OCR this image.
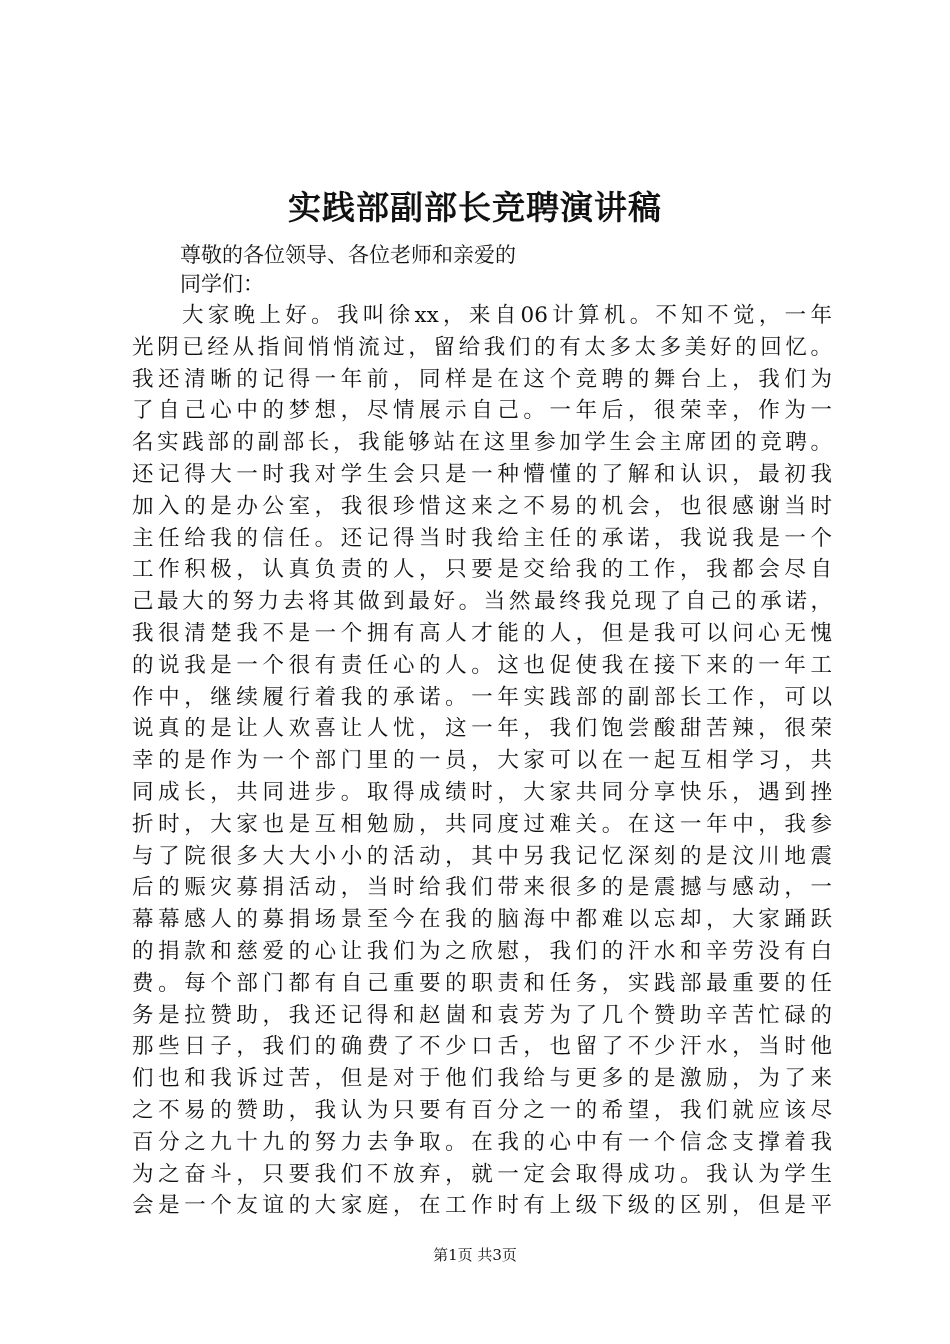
实践部副部长竞聘演讲稿
尊敬的各位领导、各位老师和亲爱的
同学们：
大家晚上好。我叫徐xx，来自06计算机。不知不觉，一年
光阴已经从指间悄悄流过，留给我们的有太多太多美好的回忆。
我还清晰的记得一年前，同样是在这个竞聘的舞台上，我们为
了自己心中的梦想，尽情展示自己。一年后，很荣幸，作为一
名实践部的副部长，我能够站在这里参加学生会主席团的竞聘。
还记得大一时我对学生会只是一种懵懂的了解和认识，最初我
加入的是办公室，我很珍惜这来之不易的机会，也很感谢当时
主任给我的信任。还记得当时我给主任的承诺，我说我是一个
工作积极，认真负责的人，只要是交给我的工作，我都会尽自
己最大的努力去将其做到最好。当然最终我兑现了自己的承诺，
我很清楚我不是一个拥有高人才能的人，但是我可以问心无愧
的说我是一个很有责任心的人。这也促使我在接下来的一年工
作中，继续履行着我的承诺。一年实践部的副部长工作，可以
说真的是让人欢喜让人忧，这一年，我们饱尝酸甜苦辣，很荣
幸的是作为一个部门里的一员，大家可以在一起互相学习，共
同成长，共同进步。取得成绩时，大家共同分享快乐，遇到挫
折时，大家也是互相勉励，共同度过难关。在这一年中，我参
与了院很多大大小小的活动，其中另我记忆深刻的是汶川地震
后的赈灾募捐活动，当时给我们带来很多的是震撼与感动，一
幕幕感人的募捐场景至今在我的脑海中都难以忘却，大家踊跃
的捐款和慈爱的心让我们为之欣慰，我们的汗水和辛劳没有白
费。每个部门都有自己重要的职责和任务，实践部最重要的任
务是拉赞助，我还记得和赵崮和袁芳为了几个赞助辛苦忙碌的
那些日子，我们的确费了不少口舌，也留了不少汗水，当时他
们也和我诉过苦，但是对于他们我给与更多的是激励，为了来
之不易的赞助，我认为只要有百分之一的希望，我们就应该尽
百分之九十九的努力去争取。在我的心中有一个信念支撑着我
为之奋斗，只要我们不放弃，就一定会取得成功。我认为学生
会是一个友谊的大家庭，在工作时有上级下级的区别，但是平
第1页 共3页
